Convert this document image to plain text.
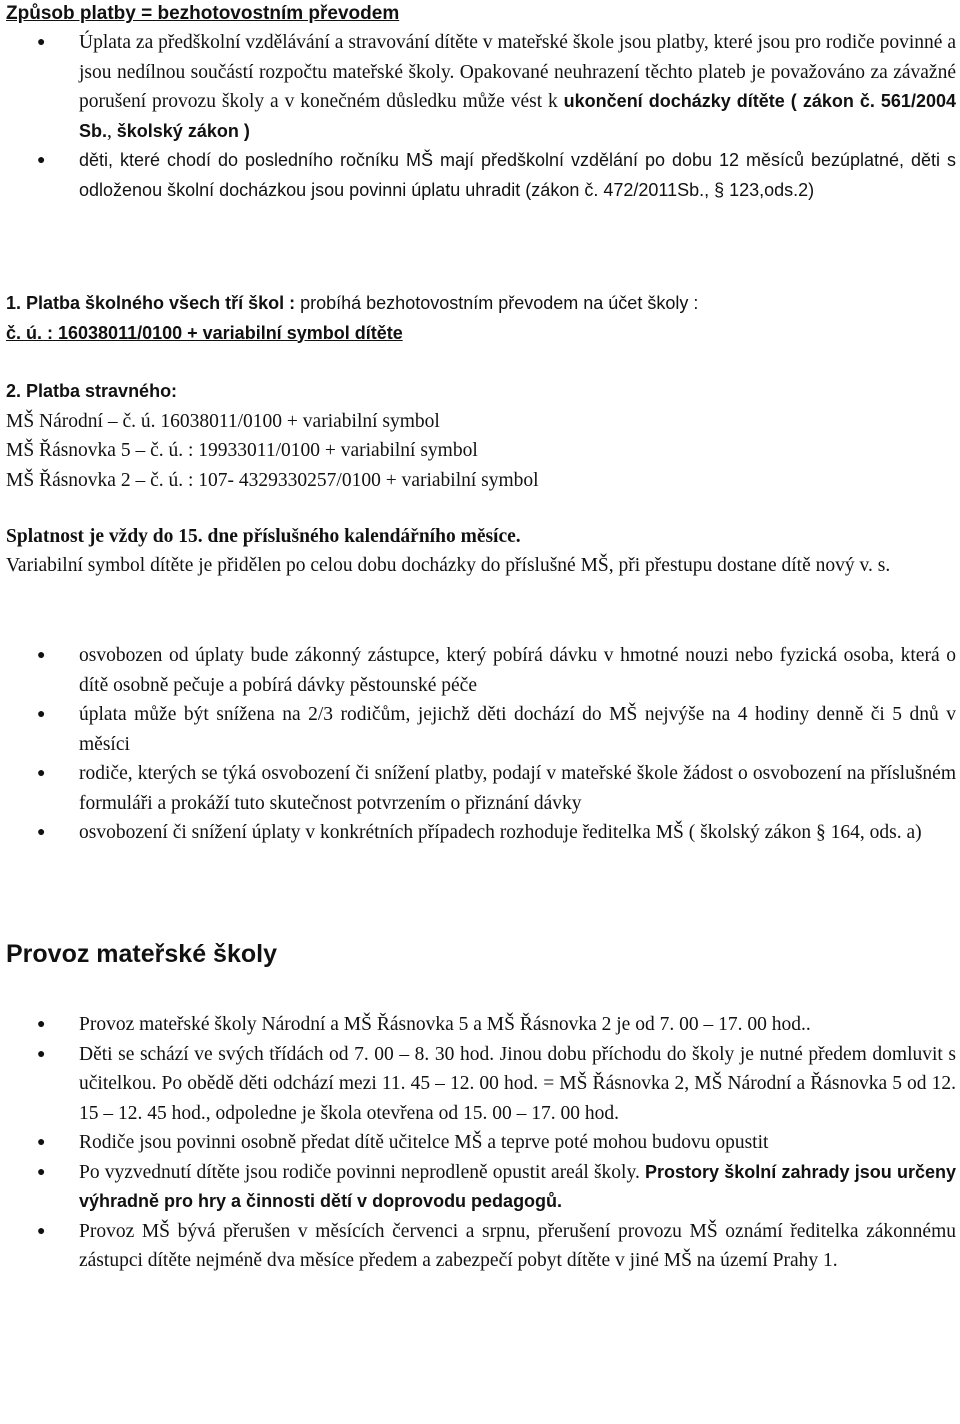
Způsob platby = bezhotovostním převodem
● Úplata za předškolní vzdělávání a stravování dítěte v mateřské škole jsou platby, které jsou pro rodiče povinné a jsou nedílnou součástí rozpočtu mateřské školy. Opakované neuhrazení těchto plateb je považováno za závažné porušení provozu školy a v konečném důsledku může vést k ukončení docházky dítěte ( zákon č. 561/2004 Sb., školský zákon )
● děti, které chodí do posledního ročníku MŠ mají předškolní vzdělání po dobu 12 měsíců bezúplatné, děti s odloženou školní docházkou jsou povinni úplatu uhradit (zákon č. 472/2011Sb., § 123,ods.2)
1. Platba školného všech tří škol : probíhá bezhotovostním převodem na účet školy :
č. ú. : 16038011/0100 + variabilní symbol dítěte
2. Platba stravného:
MŠ Národní – č. ú. 16038011/0100 + variabilní symbol
MŠ Řásnovka 5 – č. ú. : 19933011/0100 + variabilní symbol
MŠ Řásnovka 2 – č. ú. : 107- 4329330257/0100 + variabilní symbol
Splatnost je vždy do 15. dne příslušného kalendářního měsíce.
Variabilní symbol dítěte je přidělen po celou dobu docházky do příslušné MŠ, při přestupu dostane dítě nový v. s.
● osvobozen od úplaty bude zákonný zástupce, který pobírá dávku v hmotné nouzi nebo fyzická osoba, která o dítě osobně pečuje a pobírá dávky pěstounské péče
● úplata může být snížena na 2/3 rodičům, jejichž děti dochází do MŠ nejvýše na 4 hodiny denně či 5 dnů v měsíci
● rodiče, kterých se týká osvobození či snížení platby, podají v mateřské škole žádost o osvobození na příslušném formuláři a prokáží tuto skutečnost potvrzením o přiznání dávky
● osvobození či snížení úplaty v konkrétních případech rozhoduje ředitelka MŠ ( školský zákon § 164, ods. a)
Provoz mateřské školy
● Provoz mateřské školy Národní a MŠ Řásnovka 5 a MŠ Řásnovka 2 je od 7. 00 – 17. 00 hod..
● Děti se schází ve svých třídách od 7. 00 – 8. 30 hod. Jinou dobu příchodu do školy je nutné předem domluvit s učitelkou. Po obědě děti odchází mezi 11. 45 – 12. 00 hod. = MŠ Řásnovka 2, MŠ Národní a Řásnovka 5 od 12. 15 – 12. 45 hod., odpoledne je škola otevřena od 15. 00 – 17. 00 hod.
● Rodiče jsou povinni osobně předat dítě učitelce MŠ a teprve poté mohou budovu opustit
● Po vyzvednutí dítěte jsou rodiče povinni neprodleně opustit areál školy. Prostory školní zahrady jsou určeny výhradně pro hry a činnosti dětí v doprovodu pedagogů.
● Provoz MŠ bývá přerušen v měsících červenci a srpnu, přerušení provozu MŠ oznámí ředitelka zákonnému zástupci dítěte nejméně dva měsíce předem a zabezpečí pobyt dítěte v jiné MŠ na území Prahy 1.
